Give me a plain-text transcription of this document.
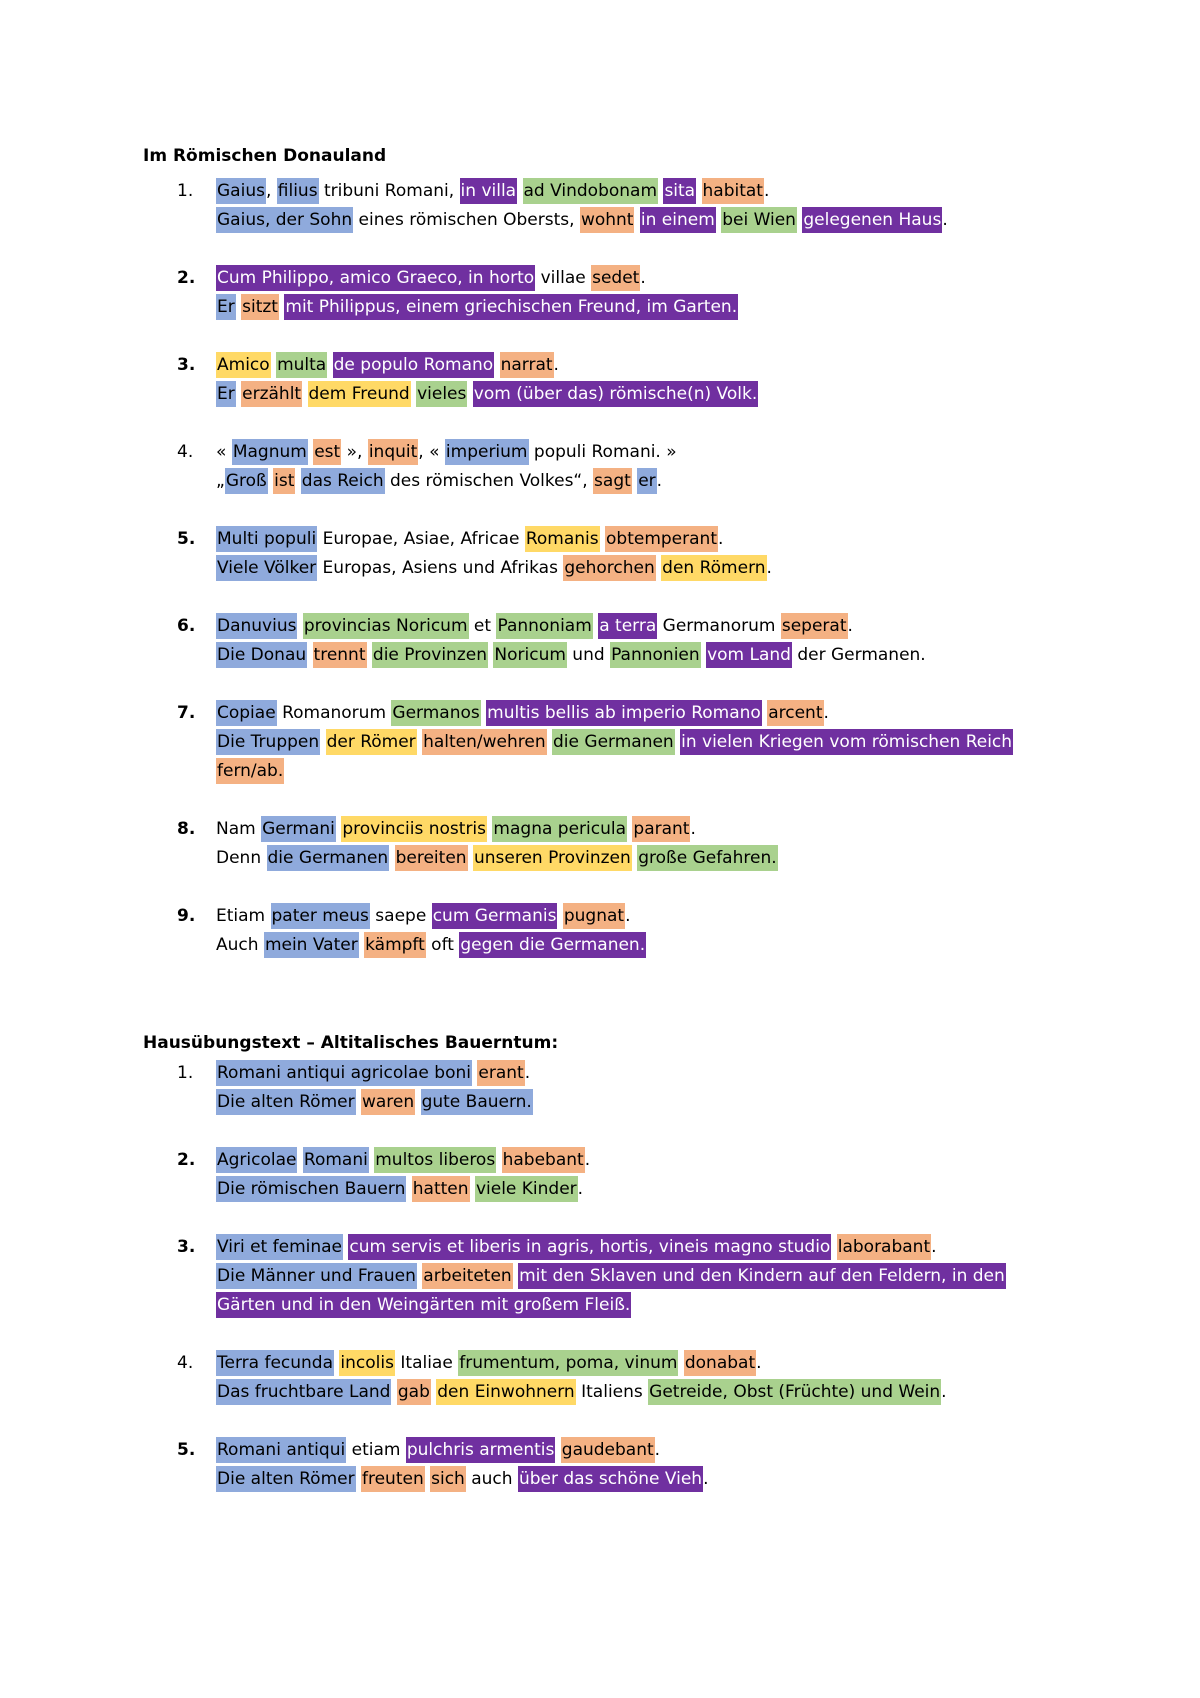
Im Römischen Donauland
1. Gaius, filius tribuni Romani, in villa ad Vindobonam sita habitat.
Gaius, der Sohn eines römischen Obersts, wohnt in einem bei Wien gelegenen Haus.
2. Cum Philippo, amico Graeco, in horto villae sedet.
Er sitzt mit Philippus, einem griechischen Freund, im Garten.
3. Amico multa de populo Romano narrat.
Er erzählt dem Freund vieles vom (über das) römische(n) Volk.
4. « Magnum est », inquit, « imperium populi Romani. »
„Groß ist das Reich des römischen Volkes“, sagt er.
5. Multi populi Europae, Asiae, Africae Romanis obtemperant.
Viele Völker Europas, Asiens und Afrikas gehorchen den Römern.
6. Danuvius provincias Noricum et Pannoniam a terra Germanorum seperat.
Die Donau trennt die Provinzen Noricum und Pannonien vom Land der Germanen.
7. Copiae Romanorum Germanos multis bellis ab imperio Romano arcent.
Die Truppen der Römer halten/wehren die Germanen in vielen Kriegen vom römischen Reich fern/ab.
8. Nam Germani provinciis nostris magna pericula parant.
Denn die Germanen bereiten unseren Provinzen große Gefahren.
9. Etiam pater meus saepe cum Germanis pugnat.
Auch mein Vater kämpft oft gegen die Germanen.
Hausübungstext – Altitalisches Bauerntum:
1. Romani antiqui agricolae boni erant.
Die alten Römer waren gute Bauern.
2. Agricolae Romani multos liberos habebant.
Die römischen Bauern hatten viele Kinder.
3. Viri et feminae cum servis et liberis in agris, hortis, vineis magno studio laborabant.
Die Männer und Frauen arbeiteten mit den Sklaven und den Kindern auf den Feldern, in den Gärten und in den Weingärten mit großem Fleiß.
4. Terra fecunda incolis Italiae frumentum, poma, vinum donabat.
Das fruchtbare Land gab den Einwohnern Italiens Getreide, Obst (Früchte) und Wein.
5. Romani antiqui etiam pulchris armentis gaudebant.
Die alten Römer freuten sich auch über das schöne Vieh.
